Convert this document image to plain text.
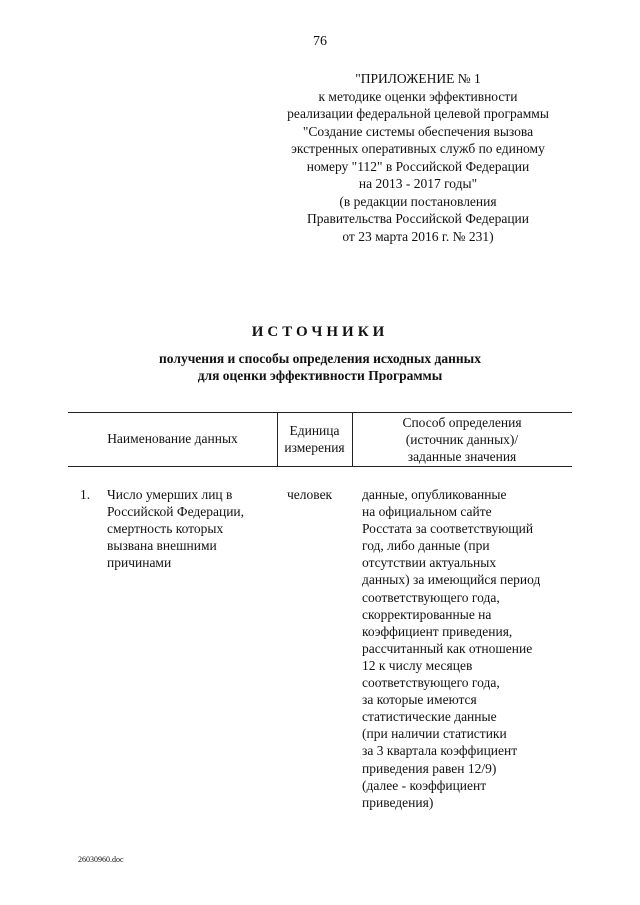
76
"ПРИЛОЖЕНИЕ № 1
к методике оценки эффективности
реализации федеральной целевой программы
"Создание системы обеспечения вызова
экстренных оперативных служб по единому
номеру "112" в Российской Федерации
на 2013 - 2017 годы"
(в редакции постановления
Правительства Российской Федерации
от 23 марта 2016 г. № 231)
ИСТОЧНИКИ
получения и способы определения исходных данных
для оценки эффективности Программы
Наименование данных
Единица
измерения
Способ определения
(источник данных)/
заданные значения
1. Число умерших лиц в
Российской Федерации,
смертность которых
вызвана внешними
причинами
человек данные, опубликованные
на официальном сайте
Росстата за соответствующий
год, либо данные (при
отсутствии актуальных
данных) за имеющийся период
соответствующего года,
скорректированные на
коэффициент приведения,
рассчитанный как отношение
12 к числу месяцев
соответствующего года,
за которые имеются
статистические данные
(при наличии статистики
за 3 квартала коэффициент
приведения равен 12/9)
(далее - коэффициент
приведения)
26030960.doc
